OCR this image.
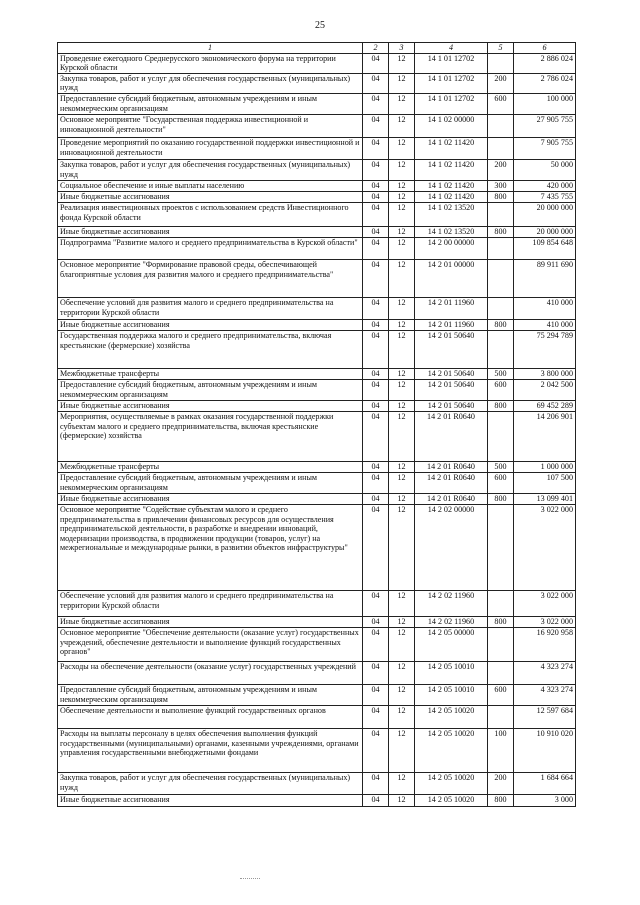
25
1	2	3	4	5	6
Проведение ежегодного Среднерусского экономического форума на территории Курской области	04	12	14 1 01 12702		2 886 024
Закупка товаров, работ и услуг для обеспечения государственных (муниципальных) нужд	04	12	14 1 01 12702	200	2 786 024
Предоставление субсидий бюджетным, автономным учреждениям и иным некоммерческим организациям	04	12	14 1 01 12702	600	100 000
Основное мероприятие "Государственная поддержка инвестиционной и инновационной деятельности"	04	12	14 1 02 00000		27 905 755
Проведение мероприятий по оказанию государственной поддержки инвестиционной и инновационной деятельности	04	12	14 1 02 11420		7 905 755
Закупка товаров, работ и услуг для обеспечения государственных (муниципальных) нужд	04	12	14 1 02 11420	200	50 000
Социальное обеспечение и иные выплаты населению	04	12	14 1 02 11420	300	420 000
Иные бюджетные ассигнования	04	12	14 1 02 11420	800	7 435 755
Реализация инвестиционных проектов с использованием средств Инвестиционного фонда Курской области	04	12	14 1 02 13520		20 000 000
Иные бюджетные ассигнования	04	12	14 1 02 13520	800	20 000 000
Подпрограмма "Развитие малого и среднего предпринимательства в Курской области"	04	12	14 2 00 00000		109 854 648
Основное мероприятие "Формирование правовой среды, обеспечивающей благоприятные условия для развития малого и среднего предпринимательства"	04	12	14 2 01 00000		89 911 690
Обеспечение условий для развития малого и среднего предпринимательства на территории Курской области	04	12	14 2 01 11960		410 000
Иные бюджетные ассигнования	04	12	14 2 01 11960	800	410 000
Государственная поддержка малого и среднего предпринимательства, включая крестьянские (фермерские) хозяйства	04	12	14 2 01 50640		75 294 789
Межбюджетные трансферты	04	12	14 2 01 50640	500	3 800 000
Предоставление субсидий бюджетным, автономным учреждениям и иным некоммерческим организациям	04	12	14 2 01 50640	600	2 042 500
Иные бюджетные ассигнования	04	12	14 2 01 50640	800	69 452 289
Мероприятия, осуществляемые в рамках оказания государственной поддержки субъектам малого и среднего предпринимательства, включая крестьянские (фермерские) хозяйства	04	12	14 2 01 R0640		14 206 901
Межбюджетные трансферты	04	12	14 2 01 R0640	500	1 000 000
Предоставление субсидий бюджетным, автономным учреждениям и иным некоммерческим организациям	04	12	14 2 01 R0640	600	107 500
Иные бюджетные ассигнования	04	12	14 2 01 R0640	800	13 099 401
Основное мероприятие "Содействие субъектам малого и среднего предпринимательства в привлечении финансовых ресурсов для осуществления предпринимательской деятельности, в разработке и внедрении инноваций, модернизации производства, в продвижении продукции (товаров, услуг) на межрегиональные и международные рынки, в развитии объектов инфраструктуры"	04	12	14 2 02 00000		3 022 000
Обеспечение условий для развития малого и среднего предпринимательства на территории Курской области	04	12	14 2 02 11960		3 022 000
Иные бюджетные ассигнования	04	12	14 2 02 11960	800	3 022 000
Основное мероприятие "Обеспечение деятельности (оказание услуг) государственных учреждений, обеспечение деятельности и выполнение функций государственных органов"	04	12	14 2 05 00000		16 920 958
Расходы на обеспечение деятельности (оказание услуг) государственных учреждений	04	12	14 2 05 10010		4 323 274
Предоставление субсидий бюджетным, автономным учреждениям и иным некоммерческим организациям	04	12	14 2 05 10010	600	4 323 274
Обеспечение деятельности и выполнение функций государственных органов	04	12	14 2 05 10020		12 597 684
Расходы на выплаты персоналу в целях обеспечения выполнения функций государственными (муниципальными) органами, казенными учреждениями, органами управления государственными внебюджетными фондами	04	12	14 2 05 10020	100	10 910 020
Закупка товаров, работ и услуг для обеспечения государственных (муниципальных) нужд	04	12	14 2 05 10020	200	1 684 664
Иные бюджетные ассигнования	04	12	14 2 05 10020	800	3 000
